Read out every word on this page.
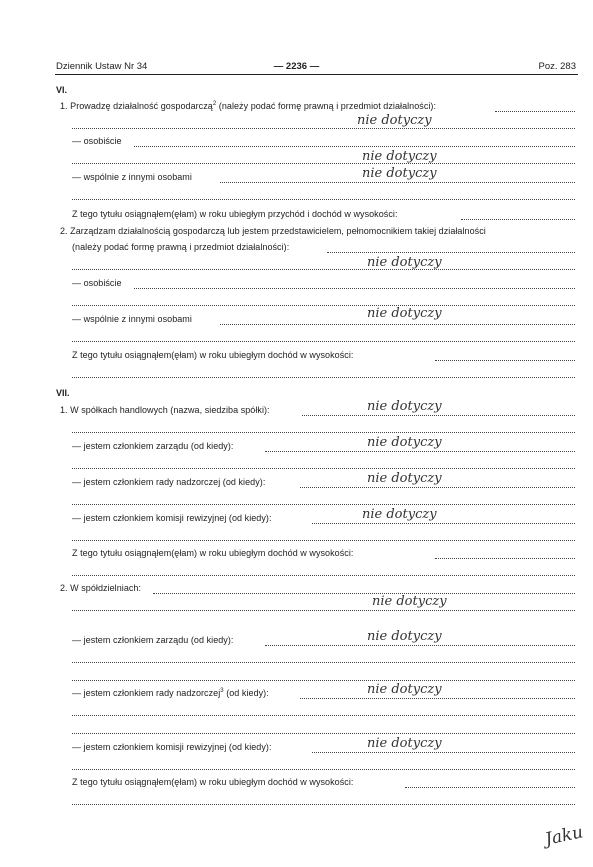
Dziennik Ustaw Nr 34	— 2236 —	Poz. 283
VI.
1. Prowadzę działalność gospodarczą$^2$ (należy podać formę prawną i przedmiot działalności):
nie dotyczy
— osobiście
nie dotyczy
— wspólnie z innymi osobami	nie dotyczy
Z tego tytułu osiągnąłem(ęłam) w roku ubiegłym przychód i dochód w wysokości:
2. Zarządzam działalnością gospodarczą lub jestem przedstawicielem, pełnomocnikiem takiej działalności
(należy podać formę prawną i przedmiot działalności):
nie dotyczy
— osobiście
— wspólnie z innymi osobami	nie dotyczy
Z tego tytułu osiągnąłem(ęłam) w roku ubiegłym dochód w wysokości:
VII.
1. W spółkach handlowych (nazwa, siedziba spółki):	nie dotyczy
— jestem członkiem zarządu (od kiedy):	nie dotyczy
— jestem członkiem rady nadzorczej (od kiedy):	nie dotyczy
— jestem członkiem komisji rewizyjnej (od kiedy):	nie dotyczy
Z tego tytułu osiągnąłem(ęłam) w roku ubiegłym dochód w wysokości:
2. W spółdzielniach:
nie dotyczy
— jestem członkiem zarządu (od kiedy):	nie dotyczy
— jestem członkiem rady nadzorczej$^3$ (od kiedy):	nie dotyczy
— jestem członkiem komisji rewizyjnej (od kiedy):	nie dotyczy
Z tego tytułu osiągnąłem(ęłam) w roku ubiegłym dochód w wysokości:
Jaku
